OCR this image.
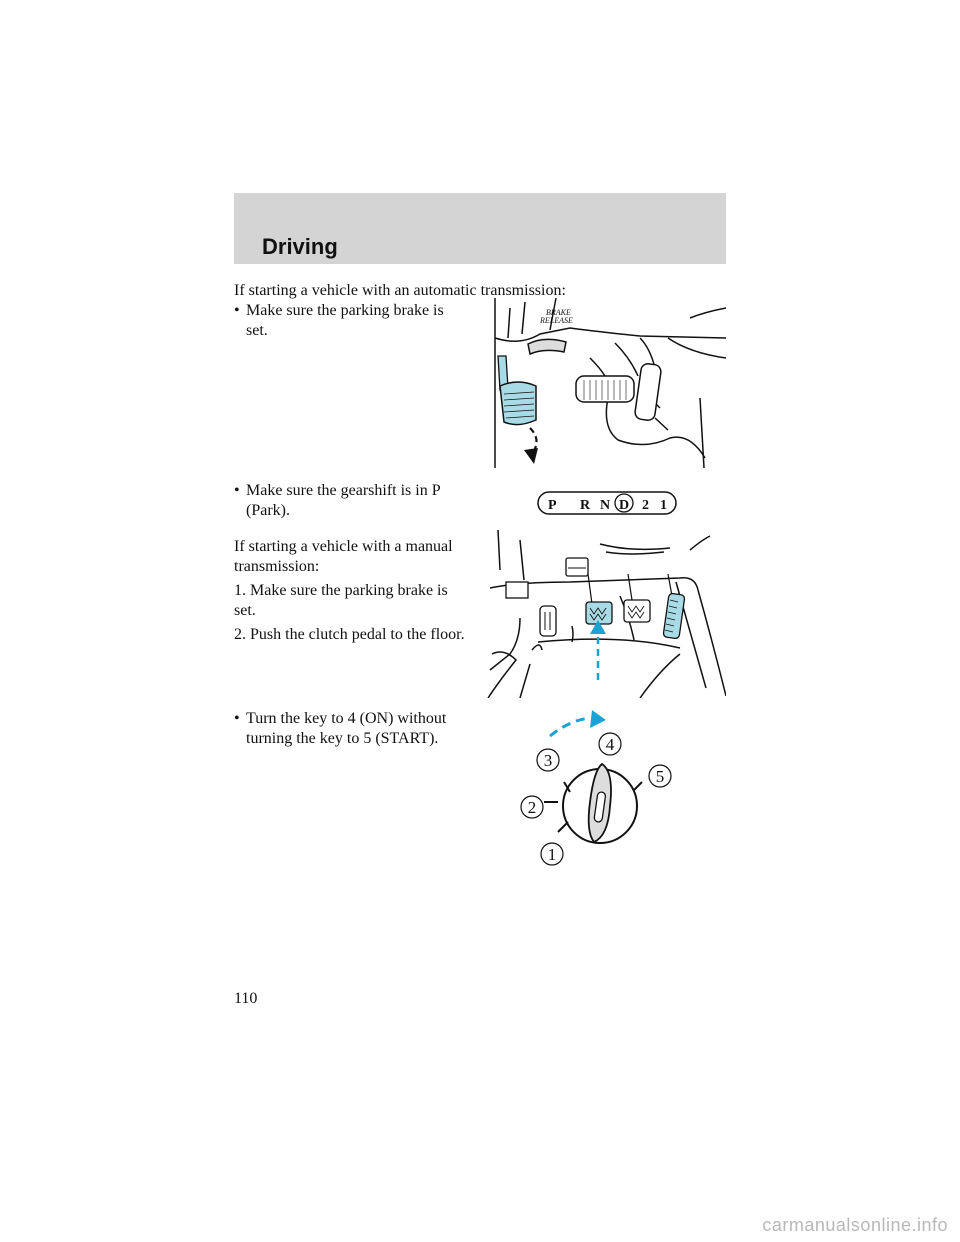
Driving
If starting a vehicle with an automatic transmission:
• Make sure the parking brake is
set.
• Make sure the gearshift is in P
(Park).
If starting a vehicle with a manual
transmission:
1. Make sure the parking brake is
set.
2. Push the clutch pedal to the floor.
• Turn the key to 4 (ON) without
turning the key to 5 (START).
BRAKE
RELEASE
P R N D 2 1
1
2
3
4
5
110
carmanualsonline.info
